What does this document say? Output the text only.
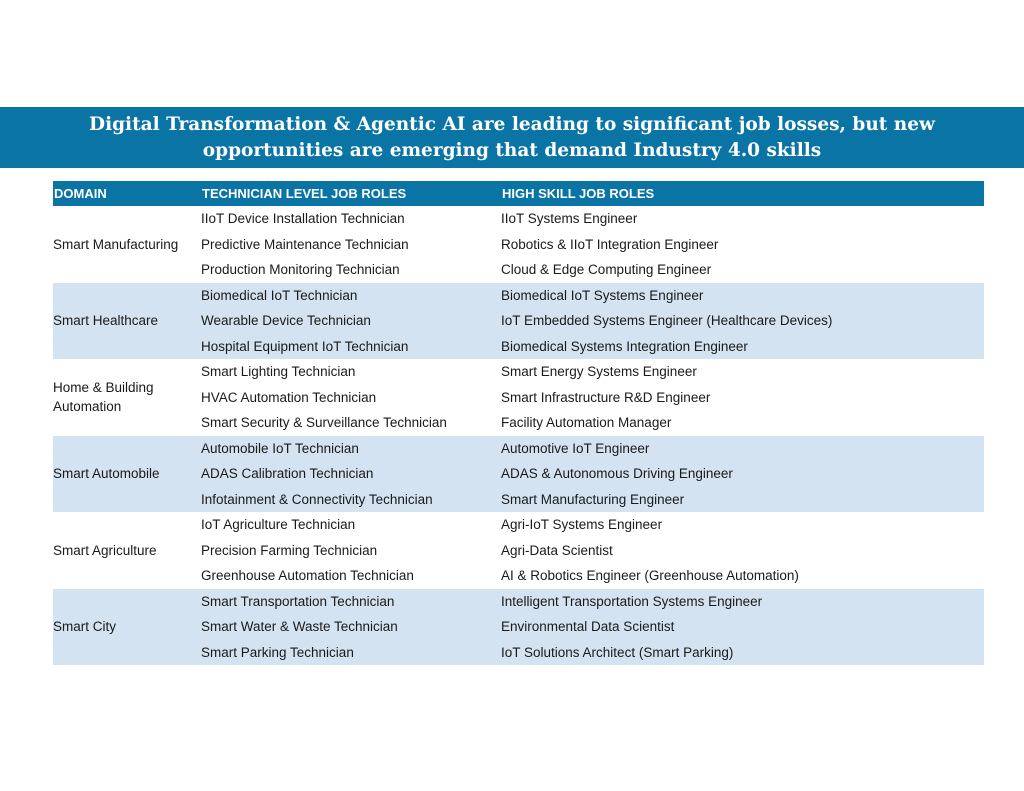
Digital Transformation & Agentic AI are leading to significant job losses, but new opportunities are emerging that demand Industry 4.0 skills
DOMAIN	TECHNICIAN LEVEL JOB ROLES	HIGH SKILL JOB ROLES
Smart Manufacturing	IIoT Device Installation Technician	IIoT Systems Engineer
	Predictive Maintenance Technician	Robotics & IIoT Integration Engineer
	Production Monitoring Technician	Cloud & Edge Computing Engineer
Smart Healthcare	Biomedical IoT Technician	Biomedical IoT Systems Engineer
	Wearable Device Technician	IoT Embedded Systems Engineer (Healthcare Devices)
	Hospital Equipment IoT Technician	Biomedical Systems Integration Engineer
Home & Building Automation	Smart Lighting Technician	Smart Energy Systems Engineer
	HVAC Automation Technician	Smart Infrastructure R&D Engineer
	Smart Security & Surveillance Technician	Facility Automation Manager
Smart Automobile	Automobile IoT Technician	Automotive IoT Engineer
	ADAS Calibration Technician	ADAS & Autonomous Driving Engineer
	Infotainment & Connectivity Technician	Smart Manufacturing Engineer
Smart Agriculture	IoT Agriculture Technician	Agri-IoT Systems Engineer
	Precision Farming Technician	Agri-Data Scientist
	Greenhouse Automation Technician	AI & Robotics Engineer (Greenhouse Automation)
Smart City	Smart Transportation Technician	Intelligent Transportation Systems Engineer
	Smart Water & Waste Technician	Environmental Data Scientist
	Smart Parking Technician	IoT Solutions Architect (Smart Parking)
